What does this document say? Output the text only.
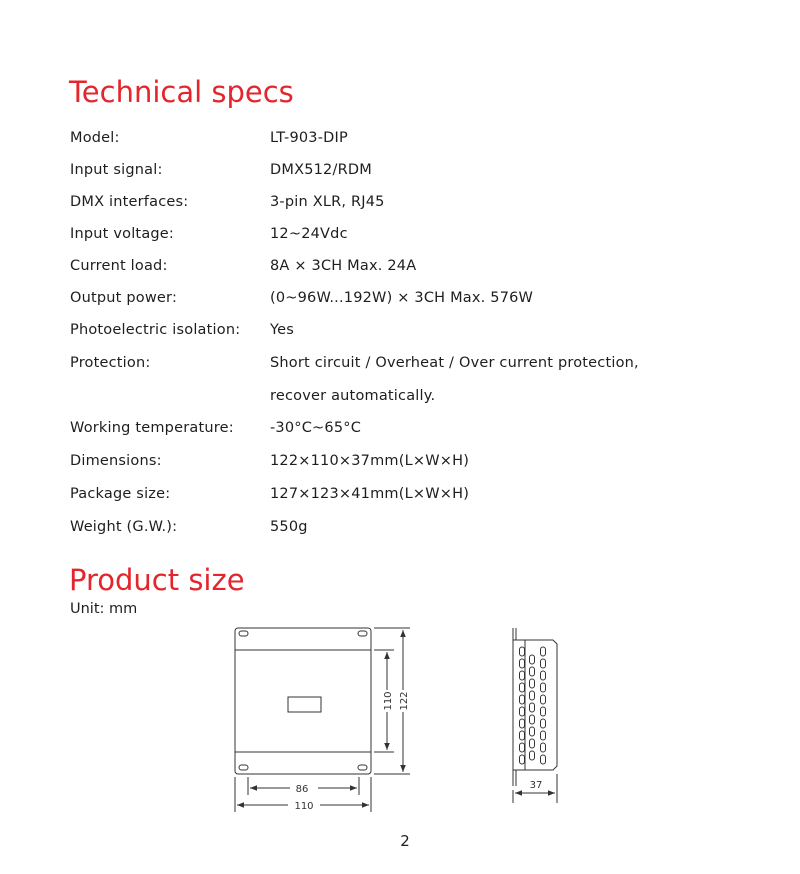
Technical specs
Model:	LT-903-DIP
Input signal:	DMX512/RDM
DMX interfaces:	3-pin XLR, RJ45
Input voltage:	12~24Vdc
Current load:	8A × 3CH Max. 24A
Output power:	(0~96W...192W) × 3CH Max. 576W
Photoelectric isolation: Yes
Protection:	Short circuit / Overheat / Over current protection,
recover automatically.
Working temperature: -30°C~65°C
Dimensions:	122×110×37mm(L×W×H)
Package size:	127×123×41mm(L×W×H)
Weight (G.W.):	550g
Product size
Unit: mm
86
110
110 122
37
2
